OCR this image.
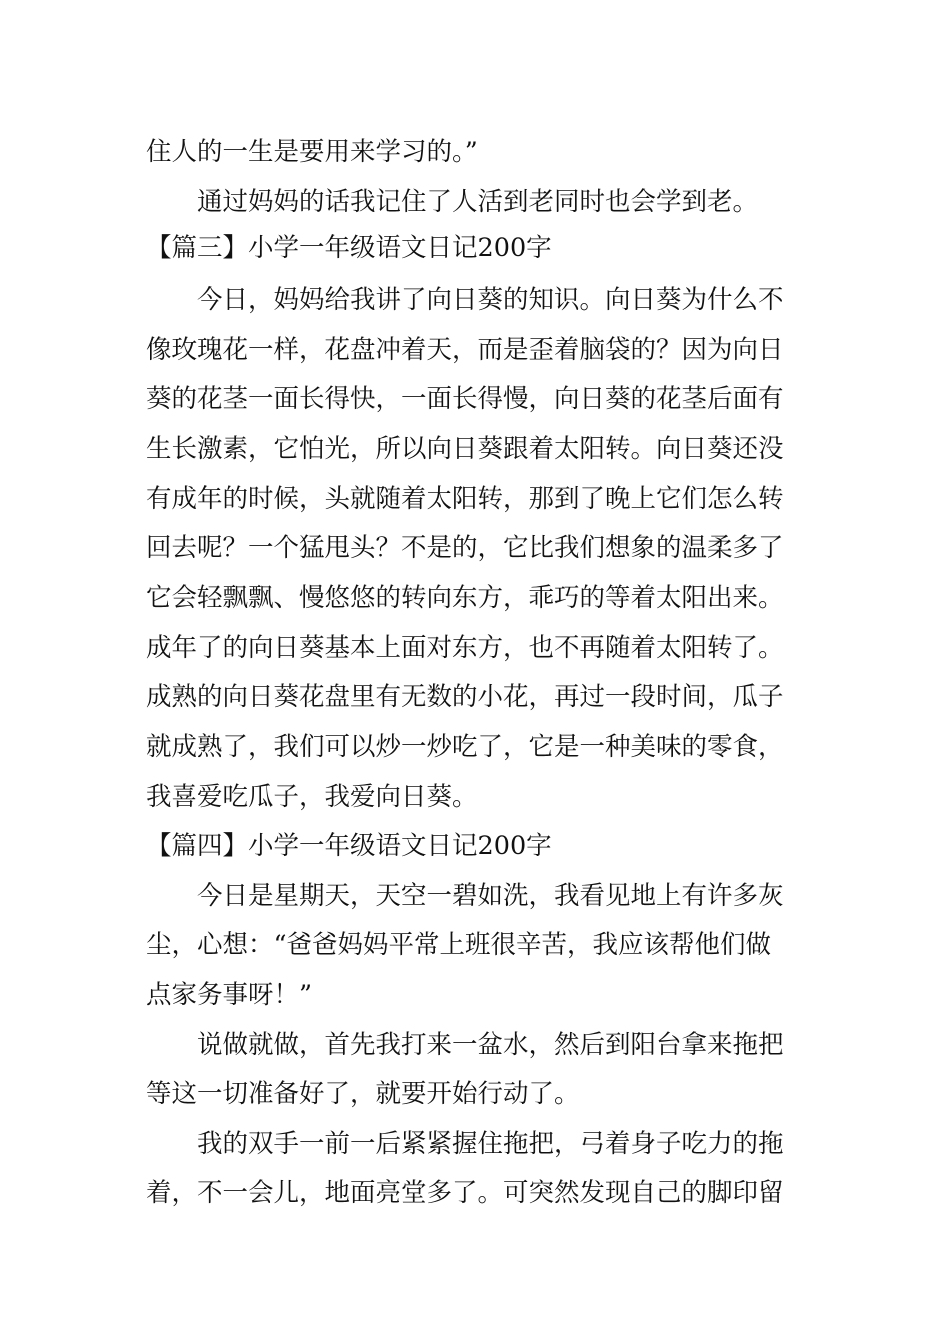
住人的一生是要用来学习的。”
通过妈妈的话我记住了人活到老同时也会学到老。
【篇三】小学一年级语文日记200字
今日，妈妈给我讲了向日葵的知识。向日葵为什么不
像玫瑰花一样，花盘冲着天，而是歪着脑袋的？因为向日
葵的花茎一面长得快，一面长得慢，向日葵的花茎后面有
生长激素，它怕光，所以向日葵跟着太阳转。向日葵还没
有成年的时候，头就随着太阳转，那到了晚上它们怎么转
回去呢？一个猛甩头？不是的，它比我们想象的温柔多了
它会轻飘飘、慢悠悠的转向东方，乖巧的等着太阳出来。
成年了的向日葵基本上面对东方，也不再随着太阳转了。
成熟的向日葵花盘里有无数的小花，再过一段时间，瓜子
就成熟了，我们可以炒一炒吃了，它是一种美味的零食，
我喜爱吃瓜子，我爱向日葵。
【篇四】小学一年级语文日记200字
今日是星期天，天空一碧如洗，我看见地上有许多灰
尘，心想：“爸爸妈妈平常上班很辛苦，我应该帮他们做
点家务事呀！”
说做就做，首先我打来一盆水，然后到阳台拿来拖把
等这一切准备好了，就要开始行动了。
我的双手一前一后紧紧握住拖把，弓着身子吃力的拖
着，不一会儿，地面亮堂多了。可突然发现自己的脚印留
